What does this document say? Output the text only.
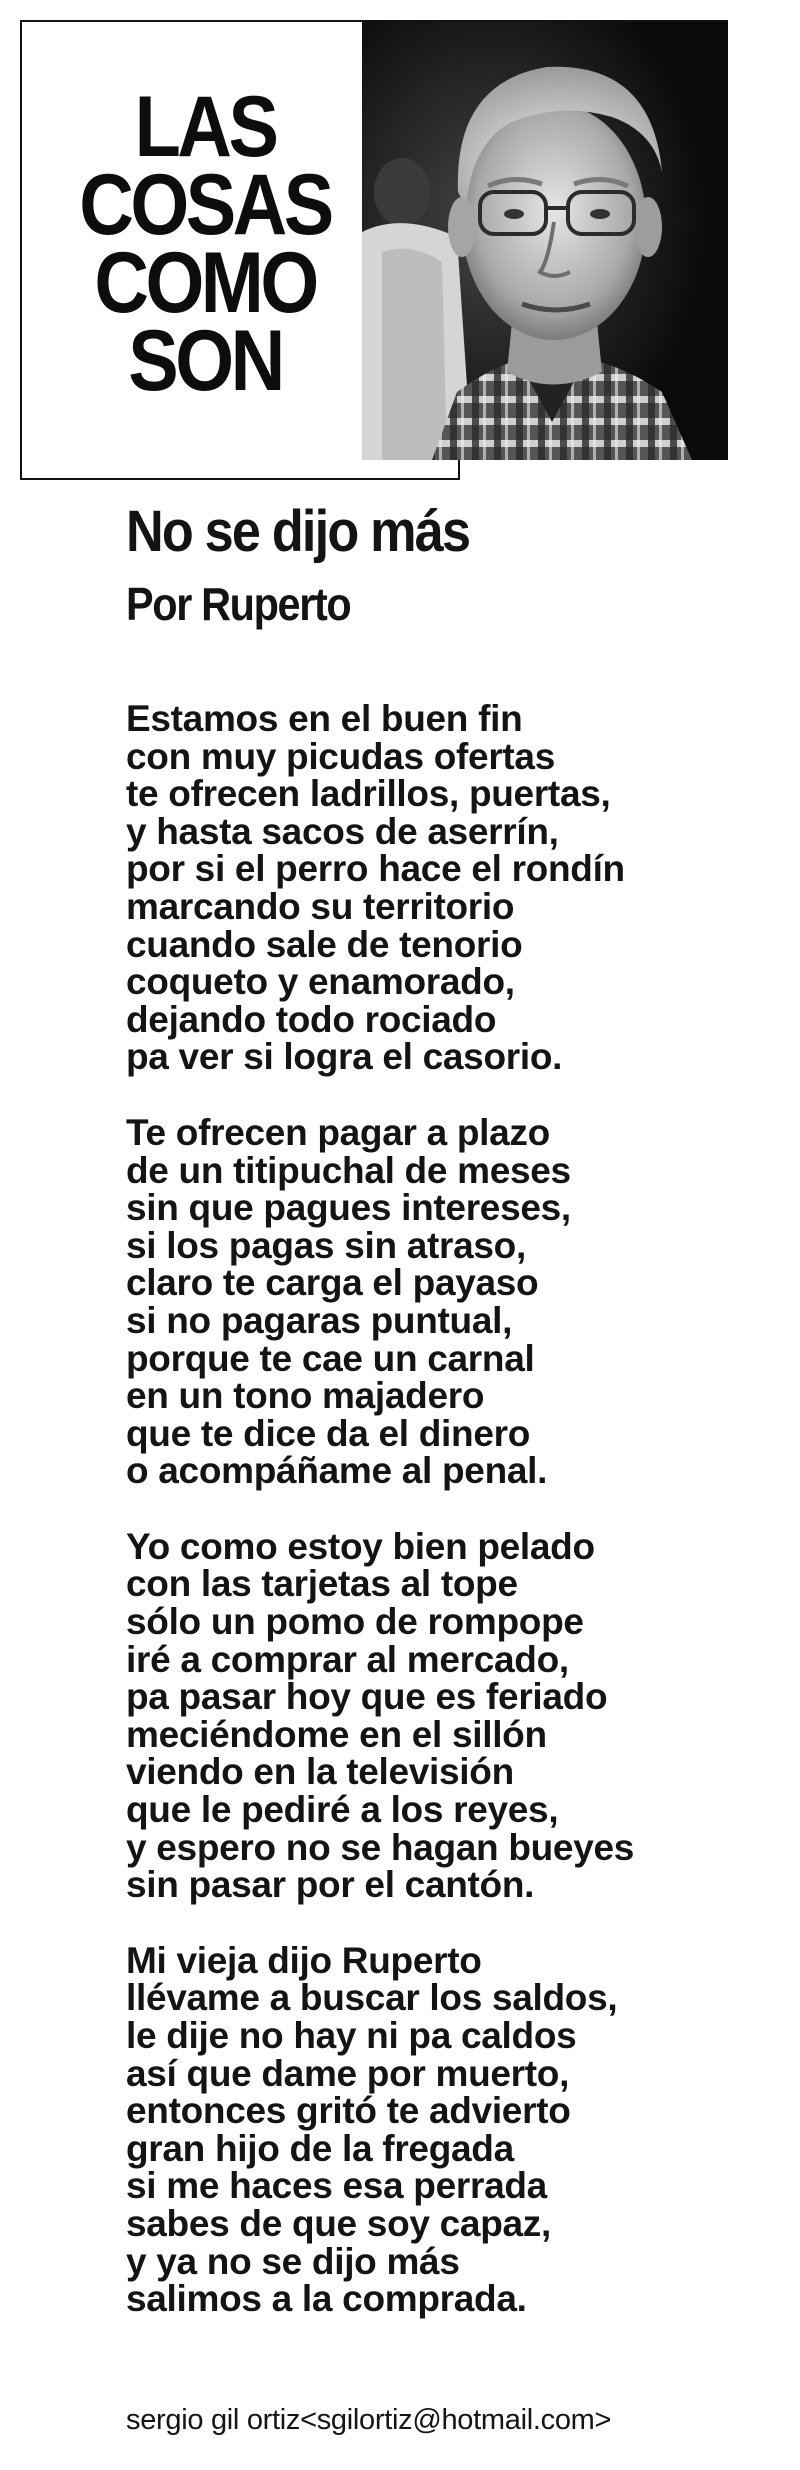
LAS
COSAS
COMO
SON
No se dijo más
Por Ruperto
Estamos en el buen fin
con muy picudas ofertas
te ofrecen ladrillos, puertas,
y hasta sacos de aserrín,
por si el perro hace el rondín
marcando su territorio
cuando sale de tenorio
coqueto y enamorado,
dejando todo rociado
pa ver si logra el casorio.
Te ofrecen pagar a plazo
de un titipuchal de meses
sin que pagues intereses,
si los pagas sin atraso,
claro te carga el payaso
si no pagaras puntual,
porque te cae un carnal
en un tono majadero
que te dice da el dinero
o acompáñame al penal.
Yo como estoy bien pelado
con las tarjetas al tope
sólo un pomo de rompope
iré a comprar al mercado,
pa pasar hoy que es feriado
meciéndome en el sillón
viendo en la televisión
que le pediré a los reyes,
y espero no se hagan bueyes
sin pasar por el cantón.
Mi vieja dijo Ruperto
llévame a buscar los saldos,
le dije no hay ni pa caldos
así que dame por muerto,
entonces gritó te advierto
gran hijo de la fregada
si me haces esa perrada
sabes de que soy capaz,
y ya no se dijo más
salimos a la comprada.
sergio gil ortiz<sgilortiz@hotmail.com>
